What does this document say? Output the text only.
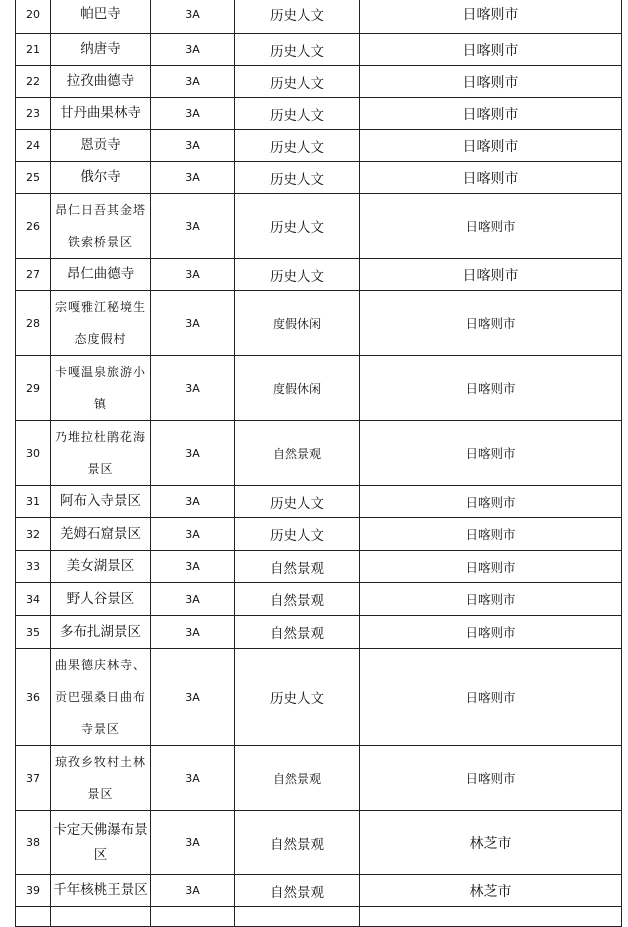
20	帕巴寺	3A	历史人文	日喀则市
21	纳唐寺	3A	历史人文	日喀则市
22	拉孜曲德寺	3A	历史人文	日喀则市
23	甘丹曲果林寺	3A	历史人文	日喀则市
24	恩贡寺	3A	历史人文	日喀则市
25	俄尔寺	3A	历史人文	日喀则市
26	昂仁日吾其金塔铁索桥景区	3A	历史人文	日喀则市
27	昂仁曲德寺	3A	历史人文	日喀则市
28	宗嘎雅江秘境生态度假村	3A	度假休闲	日喀则市
29	卡嘎温泉旅游小镇	3A	度假休闲	日喀则市
30	乃堆拉杜鹃花海景区	3A	自然景观	日喀则市
31	阿布入寺景区	3A	历史人文	日喀则市
32	羌姆石窟景区	3A	历史人文	日喀则市
33	美女湖景区	3A	自然景观	日喀则市
34	野人谷景区	3A	自然景观	日喀则市
35	多布扎湖景区	3A	自然景观	日喀则市
36	曲果德庆林寺、贡巴强桑日曲布寺景区	3A	历史人文	日喀则市
37	琼孜乡牧村土林景区	3A	自然景观	日喀则市
38	卡定天佛瀑布景区	3A	自然景观	林芝市
39	千年核桃王景区	3A	自然景观	林芝市
